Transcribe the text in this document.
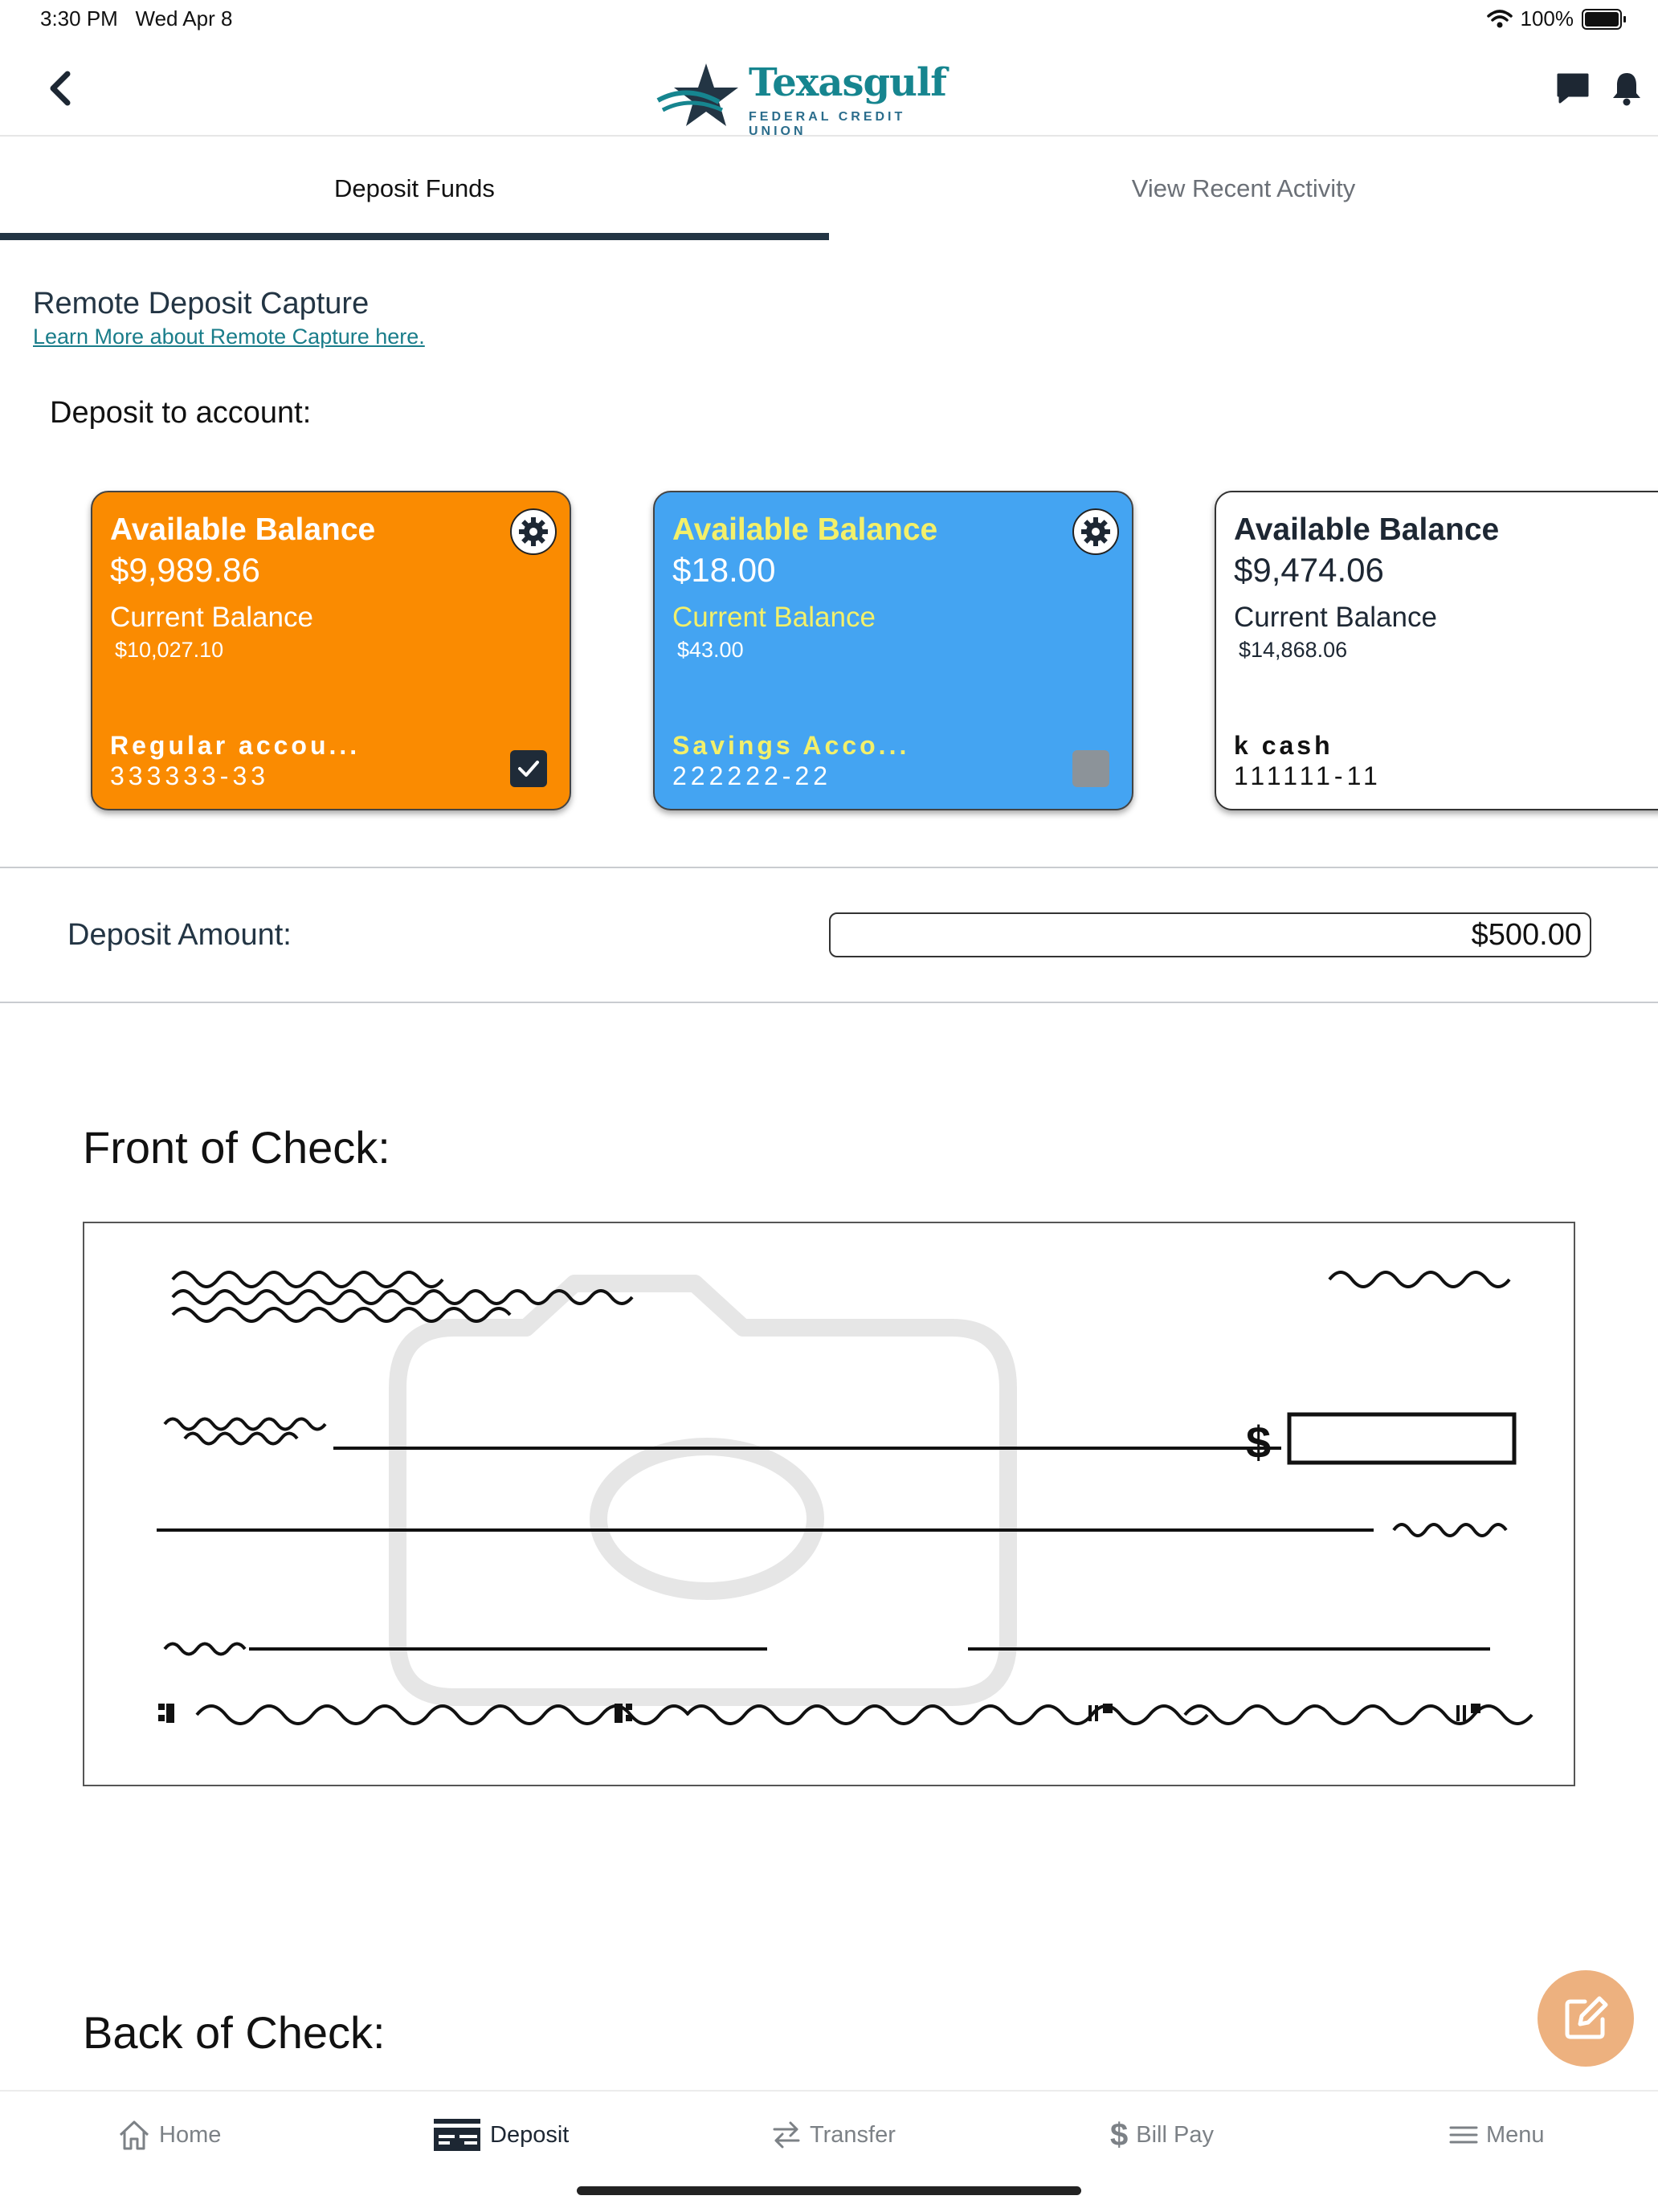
3:30 PM Wed Apr 8	100%
Texasgulf
FEDERAL CREDIT UNION
Deposit Funds	View Recent Activity
Remote Deposit Capture
Learn More about Remote Capture here.
Deposit to account:
Available Balance
$9,989.86
Current Balance
$10,027.10
Regular accou...
333333-33
Available Balance
$18.00
Current Balance
$43.00
Savings Acco...
222222-22
Available Balance
$9,474.06
Current Balance
$14,868.06
k cash
111111-11
Deposit Amount:
$500.00
Front of Check:
$
Back of Check:
Home	Deposit	Transfer	$ Bill Pay	Menu
